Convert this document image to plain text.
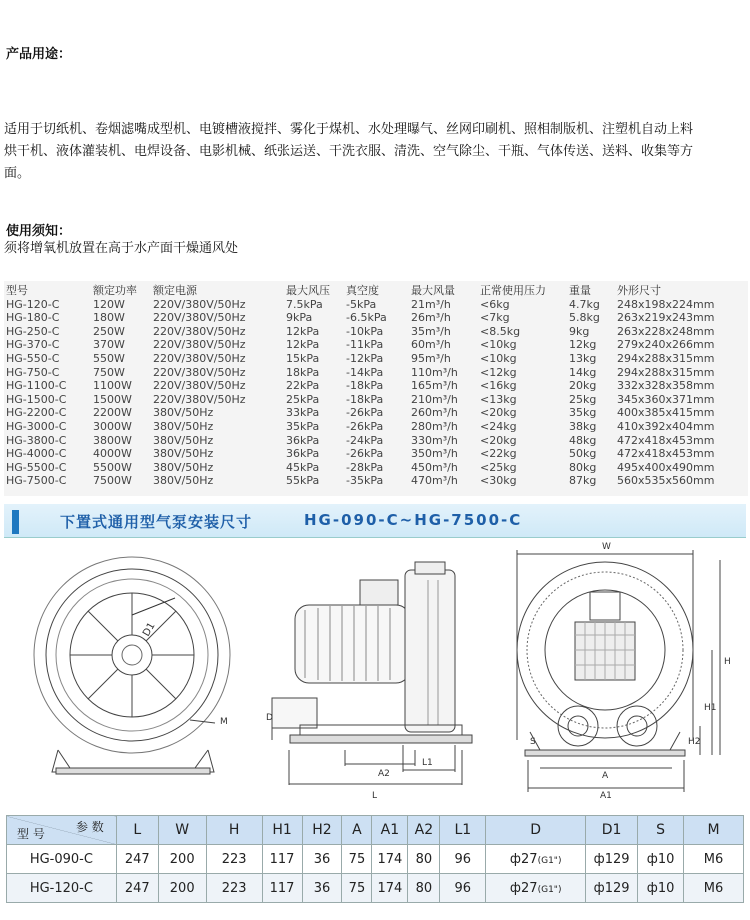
产品用途：
适用于切纸机、卷烟滤嘴成型机、电镀槽液搅拌、雾化于煤机、水处理曝气、丝网印刷机、照相制版机、注塑机自动上料
烘干机、液体灌装机、电焊设备、电影机械、纸张运送、干洗衣服、清洗、空气除尘、干瓶、气体传送、送料、收集等方
面。
使用须知：
须将增氧机放置在高于水产面干燥通风处
型号	额定功率 额定电源	最大风压 真空度	最大风量 正常使用压力 重量 外形尺寸
HG-120-C	120W	220V/380V/50Hz	7.5kPa -5kPa	21m³/h	<6kg	4.7kg 248x198x224mm
HG-180-C	180W	220V/380V/50Hz	9kPa	-6.5kPa 26m³/h	<7kg	5.8kg 263x219x243mm
HG-250-C	250W	220V/380V/50Hz	12kPa -10kPa	35m³/h	<8.5kg	9kg	263x228x248mm
HG-370-C	370W	220V/380V/50Hz	12kPa -11kPa	60m³/h	<10kg	12kg 279x240x266mm
HG-550-C	550W	220V/380V/50Hz	15kPa -12kPa	95m³/h	<10kg	13kg 294x288x315mm
HG-750-C	750W	220V/380V/50Hz	18kPa -14kPa	110m³/h <12kg	14kg 294x288x315mm
HG-1100-C 1100W 220V/380V/50Hz	22kPa -18kPa	165m³/h <16kg	20kg 332x328x358mm
HG-1500-C 1500W 220V/380V/50Hz	25kPa -18kPa	210m³/h <13kg	25kg 345x360x371mm
HG-2200-C 2200W 380V/50Hz	33kPa -26kPa	260m³/h <20kg	35kg 400x385x415mm
HG-3000-C 3000W 380V/50Hz	35kPa -26kPa	280m³/h <24kg	38kg 410x392x404mm
HG-3800-C 3800W 380V/50Hz	36kPa -24kPa	330m³/h <20kg	48kg 472x418x453mm
HG-4000-C 4000W 380V/50Hz	36kPa -26kPa	350m³/h <22kg	50kg 472x418x453mm
HG-5500-C 5500W 380V/50Hz	45kPa -28kPa	450m³/h <25kg	80kg 495x400x490mm
HG-7500-C 7500W 380V/50Hz	55kPa -35kPa	470m³/h <30kg	87kg 560x535x560mm
下置式通用型气泵安装尺寸	HG-090-C~HG-7500-C
D1
M	D
L1
A2
L
W
H
H1
H2
S
A1
A
参 数
型 号	L	W	H	H1	H2	A	A1	A2	L1	D	D1	S	M
HG-090-C	247	200	223	117	36	75	174	80	96	ф27(G1")	ф129	ф10	M6
HG-120-C	247	200	223	117	36	75	174	80	96	ф27(G1")	ф129	ф10	M6
